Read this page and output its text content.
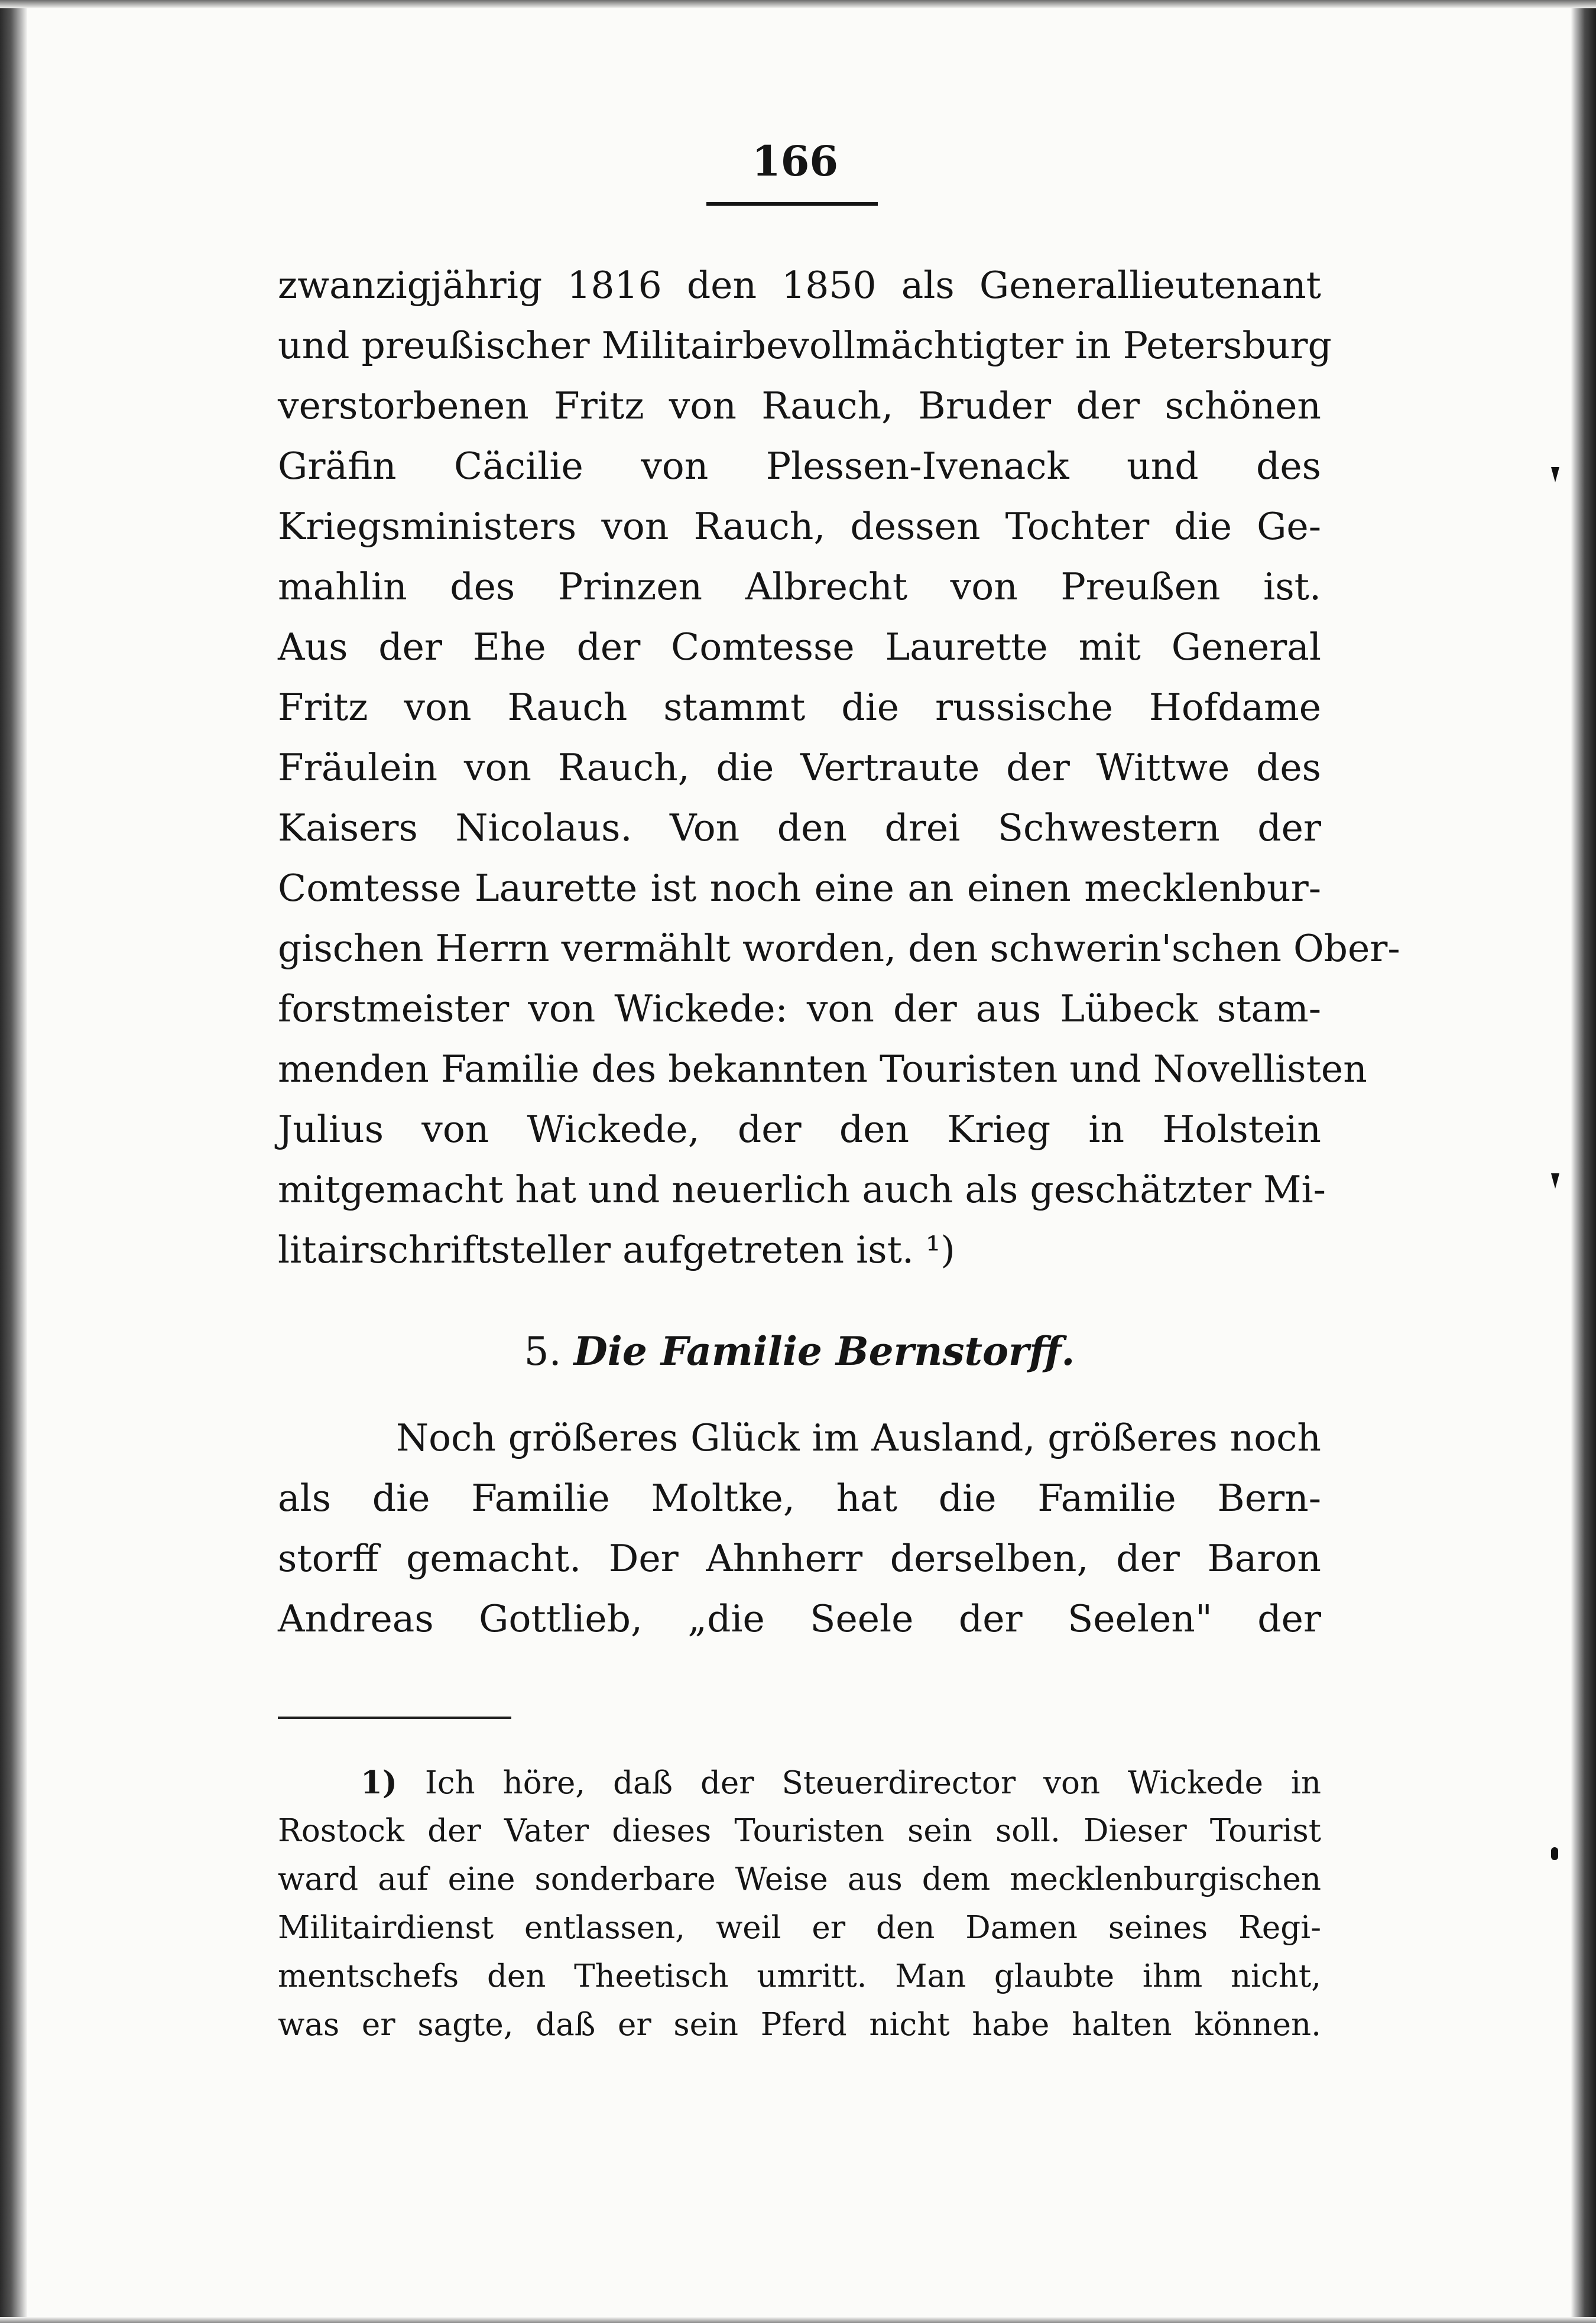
166
zwanzigjährig 1816 den 1850 als Generallieutenant
und preußischer Militairbevollmächtigter in Petersburg
verstorbenen Fritz von Rauch, Bruder der schönen
Gräfin Cäcilie von Plessen-Ivenack und des
Kriegsministers von Rauch, dessen Tochter die Ge-
mahlin des Prinzen Albrecht von Preußen ist.
Aus der Ehe der Comtesse Laurette mit General
Fritz von Rauch stammt die russische Hofdame
Fräulein von Rauch, die Vertraute der Wittwe des
Kaisers Nicolaus. Von den drei Schwestern der
Comtesse Laurette ist noch eine an einen mecklenbur-
gischen Herrn vermählt worden, den schwerin'schen Ober-
forstmeister von Wickede: von der aus Lübeck stam-
menden Familie des bekannten Touristen und Novellisten
Julius von Wickede, der den Krieg in Holstein
mitgemacht hat und neuerlich auch als geschätzter Mi-
litairschriftsteller aufgetreten ist. ¹)
5. Die Familie Bernstorff.
Noch größeres Glück im Ausland, größeres noch
als die Familie Moltke, hat die Familie Bern-
storff gemacht. Der Ahnherr derselben, der Baron
Andreas Gottlieb, „die Seele der Seelen" der
1) Ich höre, daß der Steuerdirector von Wickede in
Rostock der Vater dieses Touristen sein soll. Dieser Tourist
ward auf eine sonderbare Weise aus dem mecklenburgischen
Militairdienst entlassen, weil er den Damen seines Regi-
mentschefs den Theetisch umritt. Man glaubte ihm nicht,
was er sagte, daß er sein Pferd nicht habe halten können.
